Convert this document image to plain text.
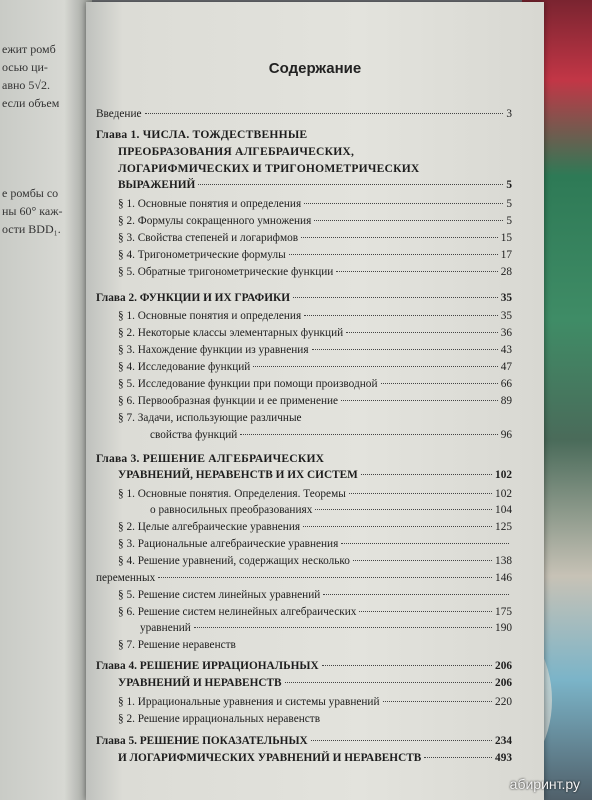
ежит ромб
осью ци-
авно 5√2.
если объем
е ромбы со
ны 60° каж-
ости BDD₁.
Содержание
Введение	3
Глава 1. ЧИСЛА. ТОЖДЕСТВЕННЫЕ
ПРЕОБРАЗОВАНИЯ АЛГЕБРАИЧЕСКИХ,
ЛОГАРИФМИЧЕСКИХ И ТРИГОНОМЕТРИЧЕСКИХ
ВЫРАЖЕНИЙ	5
§ 1. Основные понятия и определения	5
§ 2. Формулы сокращенного умножения	5
§ 3. Свойства степеней и логарифмов	15
§ 4. Тригонометрические формулы	17
§ 5. Обратные тригонометрические функции	28
Глава 2. ФУНКЦИИ И ИХ ГРАФИКИ	35
§ 1. Основные понятия и определения	35
§ 2. Некоторые классы элементарных функций	36
§ 3. Нахождение функции из уравнения	43
§ 4. Исследование функций	47
§ 5. Исследование функции при помощи производной	66
§ 6. Первообразная функции и ее применение	89
§ 7. Задачи, использующие различные
свойства функций	96
Глава 3. РЕШЕНИЕ АЛГЕБРАИЧЕСКИХ
УРАВНЕНИЙ, НЕРАВЕНСТВ И ИХ СИСТЕМ	102
§ 1. Основные понятия. Определения. Теоремы	102
о равносильных преобразованиях	104
§ 2. Целые алгебраические уравнения	125
§ 3. Рациональные алгебраические уравнения
§ 4. Решение уравнений, содержащих несколько	138
переменных	146
§ 5. Решение систем линейных уравнений
§ 6. Решение систем нелинейных алгебраических	175
уравнений	190
§ 7. Решение неравенств
Глава 4. РЕШЕНИЕ ИРРАЦИОНАЛЬНЫХ	206
УРАВНЕНИЙ И НЕРАВЕНСТВ	206
§ 1. Иррациональные уравнения и системы уравнений	220
§ 2. Решение иррациональных неравенств
Глава 5. РЕШЕНИЕ ПОКАЗАТЕЛЬНЫХ	234
И ЛОГАРИФМИЧЕСКИХ УРАВНЕНИЙ И НЕРАВЕНСТВ	493
абиринт.ру
